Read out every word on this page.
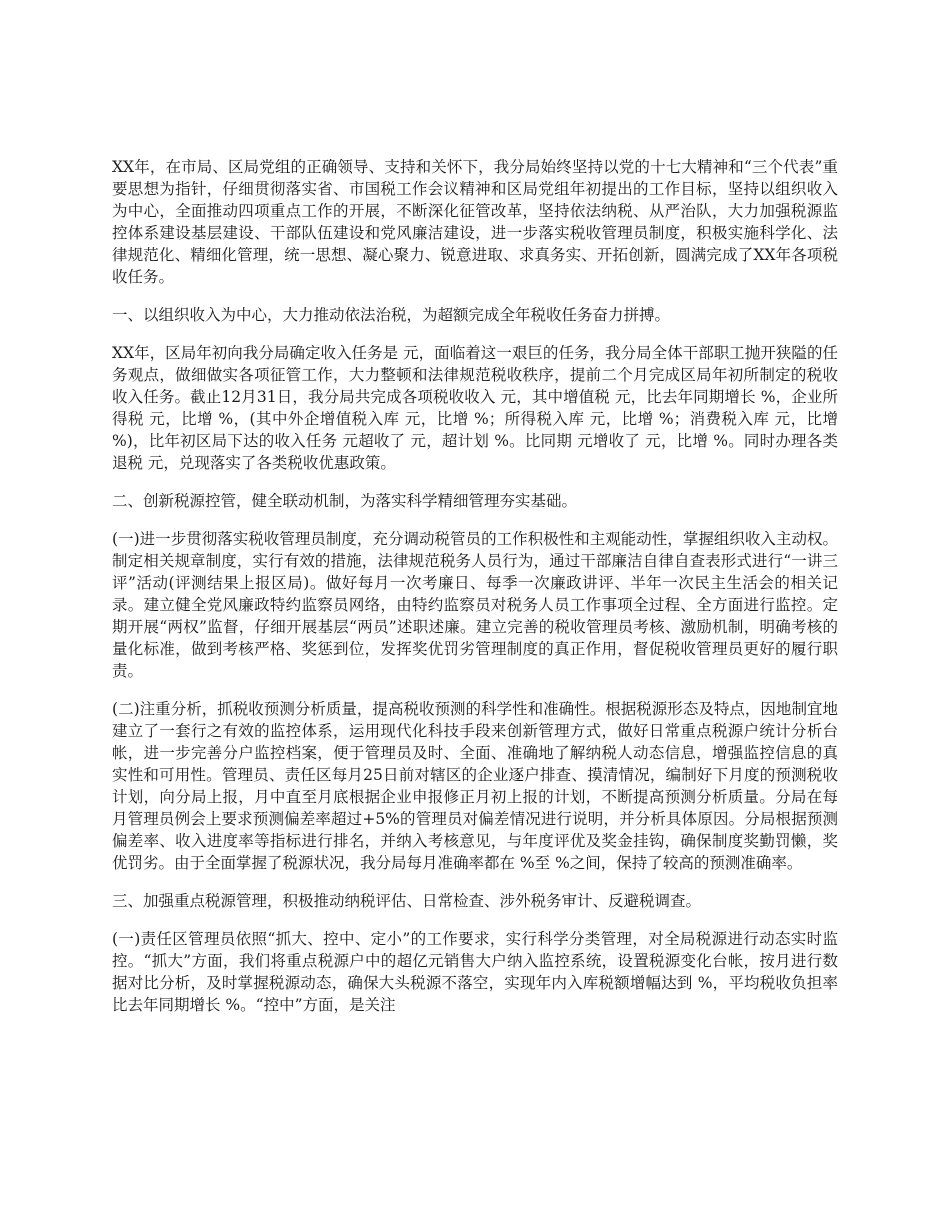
XX年，在市局、区局党组的正确领导、支持和关怀下，我分局始终坚持以党的十七大精神和“三个代表”重要思想为指针，仔细贯彻落实省、市国税工作会议精神和区局党组年初提出的工作目标，坚持以组织收入为中心，全面推动四项重点工作的开展，不断深化征管改革，坚持依法纳税、从严治队，大力加强税源监控体系建设基层建设、干部队伍建设和党风廉洁建设，进一步落实税收管理员制度，积极实施科学化、法律规范化、精细化管理，统一思想、凝心聚力、锐意进取、求真务实、开拓创新，圆满完成了XX年各项税收任务。

一、以组织收入为中心，大力推动依法治税，为超额完成全年税收任务奋力拼搏。

XX年，区局年初向我分局确定收入任务是 元，面临着这一艰巨的任务，我分局全体干部职工抛开狭隘的任务观点，做细做实各项征管工作，大力整顿和法律规范税收秩序，提前二个月完成区局年初所制定的税收收入任务。截止12月31日，我分局共完成各项税收收入 元，其中增值税 元，比去年同期增长 %，企业所得税 元，比增 %，(其中外企增值税入库 元，比增 %；所得税入库 元，比增 %；消费税入库 元，比增 %)，比年初区局下达的收入任务 元超收了 元，超计划 %。比同期 元增收了 元，比增 %。同时办理各类退税 元，兑现落实了各类税收优惠政策。

二、创新税源控管，健全联动机制，为落实科学精细管理夯实基础。

(一)进一步贯彻落实税收管理员制度，充分调动税管员的工作积极性和主观能动性，掌握组织收入主动权。制定相关规章制度，实行有效的措施，法律规范税务人员行为，通过干部廉洁自律自查表形式进行“一讲三评”活动(评测结果上报区局)。做好每月一次考廉日、每季一次廉政讲评、半年一次民主生活会的相关记录。建立健全党风廉政特约监察员网络，由特约监察员对税务人员工作事项全过程、全方面进行监控。定期开展“两权”监督，仔细开展基层“两员”述职述廉。建立完善的税收管理员考核、激励机制，明确考核的量化标准，做到考核严格、奖惩到位，发挥奖优罚劣管理制度的真正作用，督促税收管理员更好的履行职责。

(二)注重分析，抓税收预测分析质量，提高税收预测的科学性和准确性。根据税源形态及特点，因地制宜地建立了一套行之有效的监控体系，运用现代化科技手段来创新管理方式，做好日常重点税源户统计分析台帐，进一步完善分户监控档案，便于管理员及时、全面、准确地了解纳税人动态信息，增强监控信息的真实性和可用性。管理员、责任区每月25日前对辖区的企业逐户排查、摸清情况，编制好下月度的预测税收计划，向分局上报，月中直至月底根据企业申报修正月初上报的计划，不断提高预测分析质量。分局在每月管理员例会上要求预测偏差率超过+5%的管理员对偏差情况进行说明，并分析具体原因。分局根据预测偏差率、收入进度率等指标进行排名，并纳入考核意见，与年度评优及奖金挂钩，确保制度奖勤罚懒，奖优罚劣。由于全面掌握了税源状况，我分局每月准确率都在 %至 %之间，保持了较高的预测准确率。

三、加强重点税源管理，积极推动纳税评估、日常检查、涉外税务审计、反避税调查。

(一)责任区管理员依照“抓大、控中、定小”的工作要求，实行科学分类管理，对全局税源进行动态实时监控。“抓大”方面，我们将重点税源户中的超亿元销售大户纳入监控系统，设置税源变化台帐，按月进行数据对比分析，及时掌握税源动态，确保大头税源不落空，实现年内入库税额增幅达到 %，平均税收负担率比去年同期增长 %。“控中”方面，是关注
